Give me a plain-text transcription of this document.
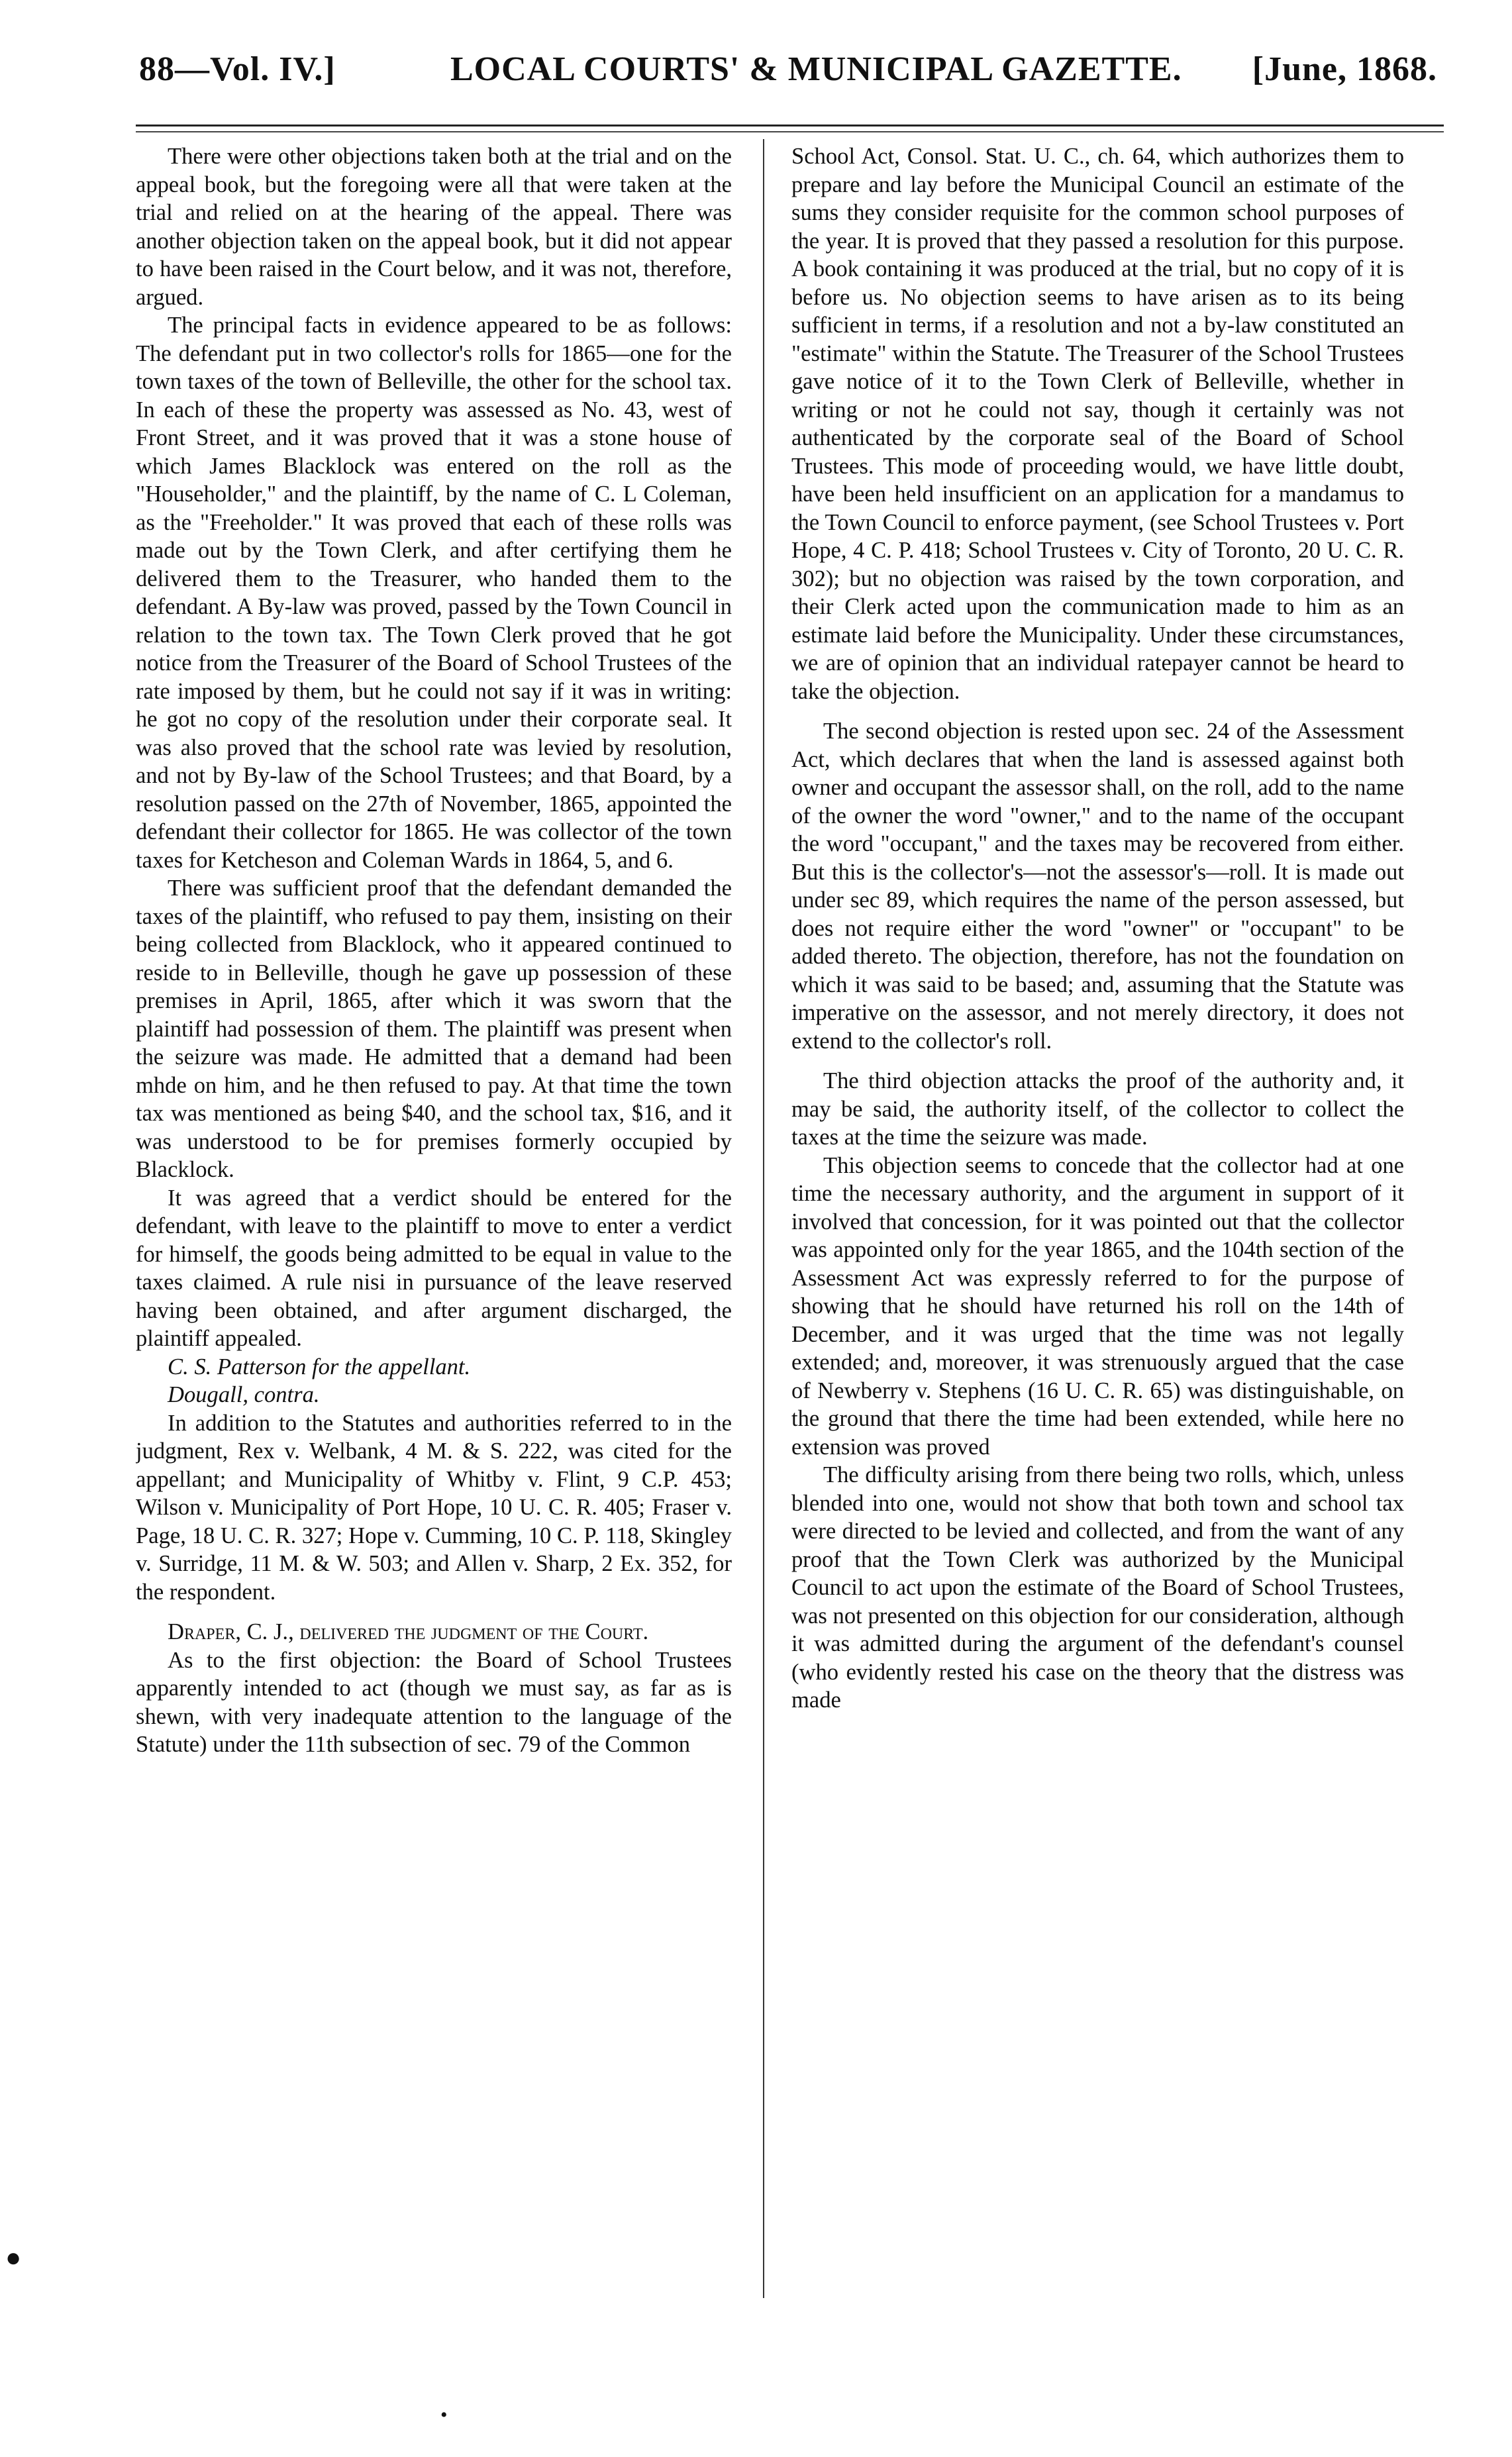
88—Vol. IV.]	LOCAL COURTS' & MUNICIPAL GAZETTE. [June, 1868.

There were other objections taken both at the trial and on the appeal book, but the foregoing were all that were taken at the trial and relied on at the hearing of the appeal. There was another objection taken on the appeal book, but it did not appear to have been raised in the Court below, and it was not, therefore, argued.

The principal facts in evidence appeared to be as follows: The defendant put in two collector's rolls for 1865—one for the town taxes of the town of Belleville, the other for the school tax. In each of these the property was assessed as No. 43, west of Front Street, and it was proved that it was a stone house of which James Blacklock was entered on the roll as the "Householder," and the plaintiff, by the name of C. L Coleman, as the "Freeholder." It was proved that each of these rolls was made out by the Town Clerk, and after certifying them he delivered them to the Treasurer, who handed them to the defendant. A By-law was proved, passed by the Town Council in relation to the town tax. The Town Clerk proved that he got notice from the Treasurer of the Board of School Trustees of the rate imposed by them, but he could not say if it was in writing: he got no copy of the resolution under their corporate seal. It was also proved that the school rate was levied by resolution, and not by By-law of the School Trustees; and that Board, by a resolution passed on the 27th of November, 1865, appointed the defendant their collector for 1865. He was collector of the town taxes for Ketcheson and Coleman Wards in 1864, 5, and 6.

There was sufficient proof that the defendant demanded the taxes of the plaintiff, who refused to pay them, insisting on their being collected from Blacklock, who it appeared continued to reside to in Belleville, though he gave up possession of these premises in April, 1865, after which it was sworn that the plaintiff had possession of them. The plaintiff was present when the seizure was made. He admitted that a demand had been mhde on him, and he then refused to pay. At that time the town tax was mentioned as being $40, and the school tax, $16, and it was understood to be for premises formerly occupied by Blacklock.

It was agreed that a verdict should be entered for the defendant, with leave to the plaintiff to move to enter a verdict for himself, the goods being admitted to be equal in value to the taxes claimed. A rule nisi in pursuance of the leave reserved having been obtained, and after argument discharged, the plaintiff appealed.

C. S. Patterson for the appellant.

Dougall, contra.

In addition to the Statutes and authorities referred to in the judgment, Rex v. Welbank, 4 M. & S. 222, was cited for the appellant; and Municipality of Whitby v. Flint, 9 C.P. 453; Wilson v. Municipality of Port Hope, 10 U. C. R. 405; Fraser v. Page, 18 U. C. R. 327; Hope v. Cumming, 10 C. P. 118, Skingley v. Surridge, 11 M. & W. 503; and Allen v. Sharp, 2 Ex. 352, for the respondent.

Draper, C. J., delivered the judgment of the Court.

As to the first objection: the Board of School Trustees apparently intended to act (though we must say, as far as is shewn, with very inadequate attention to the language of the Statute) under the 11th subsection of sec. 79 of the Common

School Act, Consol. Stat. U. C., ch. 64, which authorizes them to prepare and lay before the Municipal Council an estimate of the sums they consider requisite for the common school purposes of the year. It is proved that they passed a resolution for this purpose. A book containing it was produced at the trial, but no copy of it is before us. No objection seems to have arisen as to its being sufficient in terms, if a resolution and not a by-law constituted an "estimate" within the Statute. The Treasurer of the School Trustees gave notice of it to the Town Clerk of Belleville, whether in writing or not he could not say, though it certainly was not authenticated by the corporate seal of the Board of School Trustees. This mode of proceeding would, we have little doubt, have been held insufficient on an application for a mandamus to the Town Council to enforce payment, (see School Trustees v. Port Hope, 4 C. P. 418; School Trustees v. City of Toronto, 20 U. C. R. 302); but no objection was raised by the town corporation, and their Clerk acted upon the communication made to him as an estimate laid before the Municipality. Under these circumstances, we are of opinion that an individual ratepayer cannot be heard to take the objection.

The second objection is rested upon sec. 24 of the Assessment Act, which declares that when the land is assessed against both owner and occupant the assessor shall, on the roll, add to the name of the owner the word "owner," and to the name of the occupant the word "occupant," and the taxes may be recovered from either. But this is the collector's—not the assessor's—roll. It is made out under sec 89, which requires the name of the person assessed, but does not require either the word "owner" or "occupant" to be added thereto. The objection, therefore, has not the foundation on which it was said to be based; and, assuming that the Statute was imperative on the assessor, and not merely directory, it does not extend to the collector's roll.

The third objection attacks the proof of the authority and, it may be said, the authority itself, of the collector to collect the taxes at the time the seizure was made.

This objection seems to concede that the collector had at one time the necessary authority, and the argument in support of it involved that concession, for it was pointed out that the collector was appointed only for the year 1865, and the 104th section of the Assessment Act was expressly referred to for the purpose of showing that he should have returned his roll on the 14th of December, and it was urged that the time was not legally extended; and, moreover, it was strenuously argued that the case of Newberry v. Stephens (16 U. C. R. 65) was distinguishable, on the ground that there the time had been extended, while here no extension was proved

The difficulty arising from there being two rolls, which, unless blended into one, would not show that both town and school tax were directed to be levied and collected, and from the want of any proof that the Town Clerk was authorized by the Municipal Council to act upon the estimate of the Board of School Trustees, was not presented on this objection for our consideration, although it was admitted during the argument of the defendant's counsel (who evidently rested his case on the theory that the distress was made

●
•
